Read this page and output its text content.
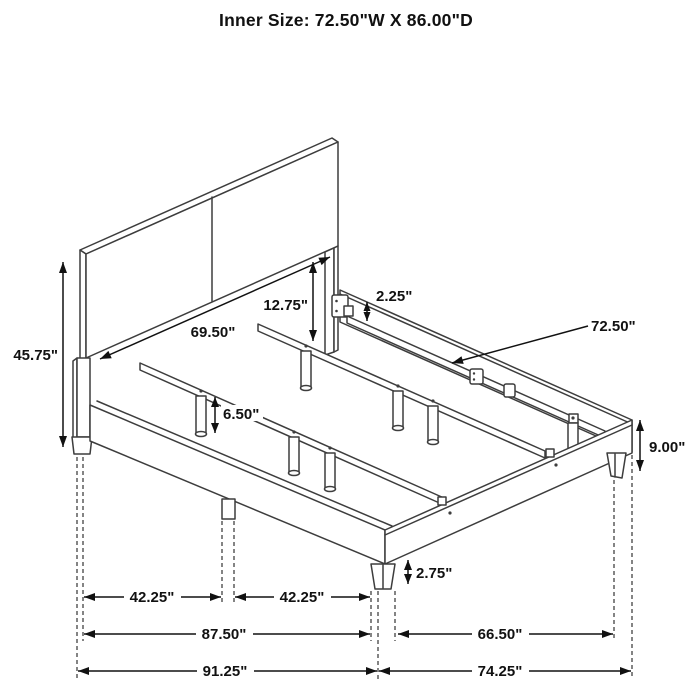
Inner Size: 72.50"W X 86.00"D
45.75"
69.50"
12.75"
2.25"
72.50"
6.50"
9.00"
2.75"
42.25"	42.25"
87.50"	66.50"
91.25"	74.25"
